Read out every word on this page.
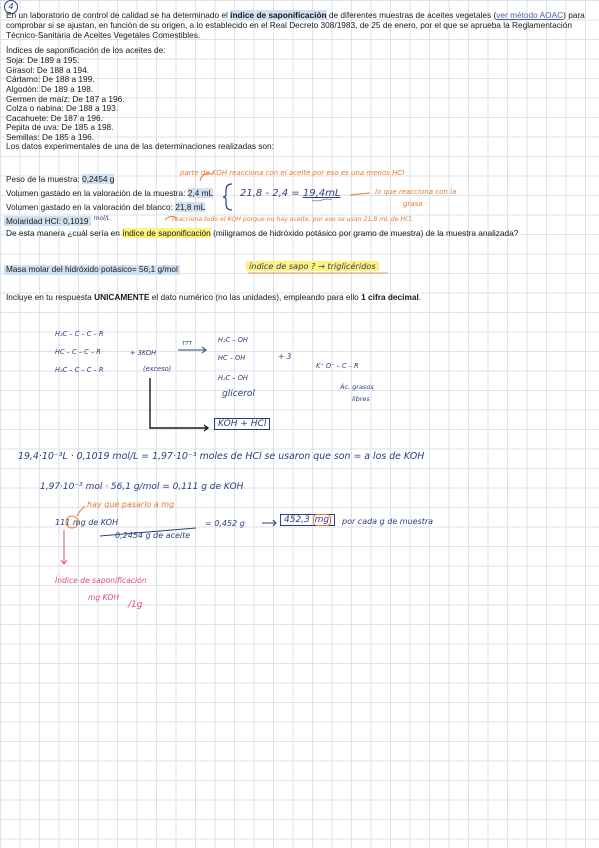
4
En un laboratorio de control de calidad se ha determinado el índice de saponificación de diferentes muestras de aceites vegetales (ver método AOAC) para
comprobar si se ajustan, en función de su origen, a lo establecido en el Real Decreto 308/1983, de 25 de enero, por el que se aprueba la Reglamentación
Técnico-Sanitaria de Aceites Vegetales Comestibles.
Índices de saponificación de los aceites de:
Soja: De 189 a 195.
Girasol: De 188 a 194.
Cártamo: De 188 a 199.
Algodón: De 189 a 198.
Germen de maíz: De 187 a 196.
Colza o nabina: De 188 a 193.
Cacahuete: De 187 a 196.
Pepita de uva: De 185 a 198.
Semillas: De 185 a 196.
Los datos experimentales de una de las determinaciones realizadas son:
Peso de la muestra: 0,2454 g
Volumen gastado en la valoración de la muestra: 2,4 mL
Volumen gastado en la valoración del blanco: 21,8 mL
Molaridad HCl: 0,1019 $^{mol/L}$
De esta manera ¿cuál sería en índice de saponificación (miligramos de hidróxido potásico por gramo de muestra) de la muestra analizada?
Masa molar del hidróxido potásico= 56,1 g/mol
Incluye en tu respuesta UNICAMENTE el dato numérico (no las unidades), empleando para ello 1 cifra decimal.
parte de KOH reacciona con el aceite por eso es una menos HCl
21,8 - 2,4 = 19,4mL	lo que reacciona con la
grasa
reacciona todo el KOH porque no hay aceite, por eso se usan 21,8 mL de HCl.
índice de sapo ? → triglicéridos
H₂C – C – C – R
HC – C – C – R
H₂C – C – C – R
+ 3KOH
(exceso)
TTT	H₂C – OH
HC – OH
H₂C – OH
+ 3
K⁺ O⁻ – C – R
Ác. grasos
libres
glicerol
KOH + HCl
19,4·10⁻³L · 0,1019 mol/L = 1,97·10⁻³ moles de HCl se usaron que son = a los de KOH
1,97·10⁻³ mol · 56,1 g/mol = 0,111 g de KOH
hay que pasarlo a mg
111 mg de KOH
0,2454 g de aceite
= 0,452 g	452,3 mg	por cada g de muestra
Índice de saponificación
mg KOH
/1g
